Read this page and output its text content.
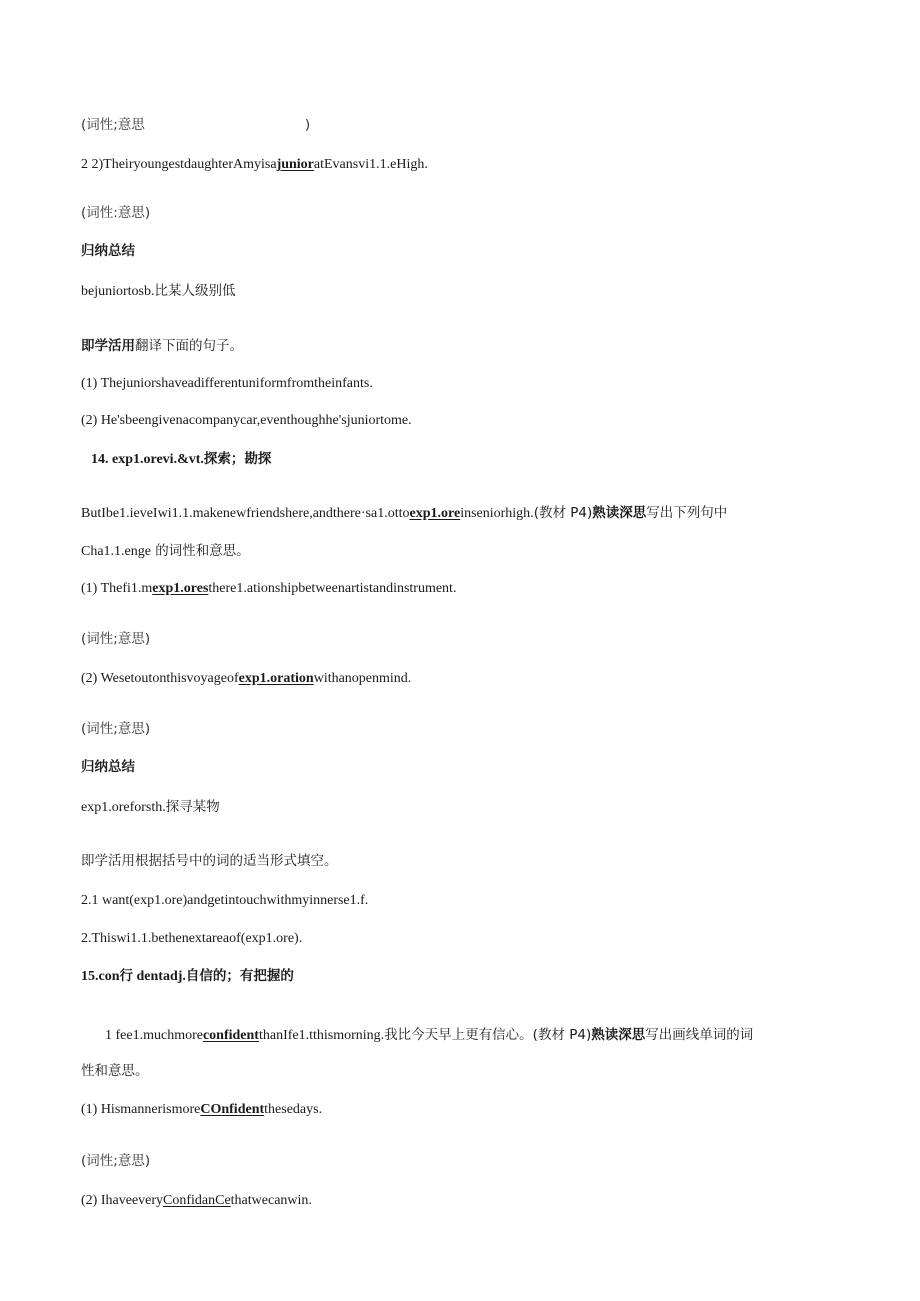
(词性;意思	)
2 2)TheiryoungestdaughterAmyisajunioratEvansvi1.1.eHigh.
(词性:意思)
归纳总结
bejuniortosb.比某人级别低
即学活用翻译下面的句子。
(1) Thejuniorshaveadifferentuniformfromtheinfants.
(2) He'sbeengivenacompanycar,eventhoughhe'sjuniortome.
14. exp1.orevi.&vt.探索；勘探
ButIbe1.ieveIwi1.1.makenewfriendshere,andthere·sa1.ottoexp1.oreinseniorhigh.(教材 P4)熟读深思写出下列句中
Cha1.1.enge 的词性和意思。
(1) Thefi1.mexp1.oresthere1.ationshipbetweenartistandinstrument.
(词性;意思)
(2) Wesetoutonthisvoyageofexp1.orationwithanopenmind.
(词性;意思)
归纳总结
exp1.oreforsth.探寻某物
即学活用根据括号中的词的适当形式填空。
2.1 want(exp1.ore)andgetintouchwithmyinnerse1.f.
2.Thiswi1.1.bethenextareaof(exp1.ore).
15.con行 dentadj.自信的；有把握的
1 fee1.muchmoreconfidentthanIfe1.tthismorning.我比今天早上更有信心。(教材 P4)熟读深思写出画线单词的词
性和意思。
(1) HismannerismoreCOnfidentthesedays.
(词性;意思)
(2) IhaveeveryConfidanCethatwecanwin.
